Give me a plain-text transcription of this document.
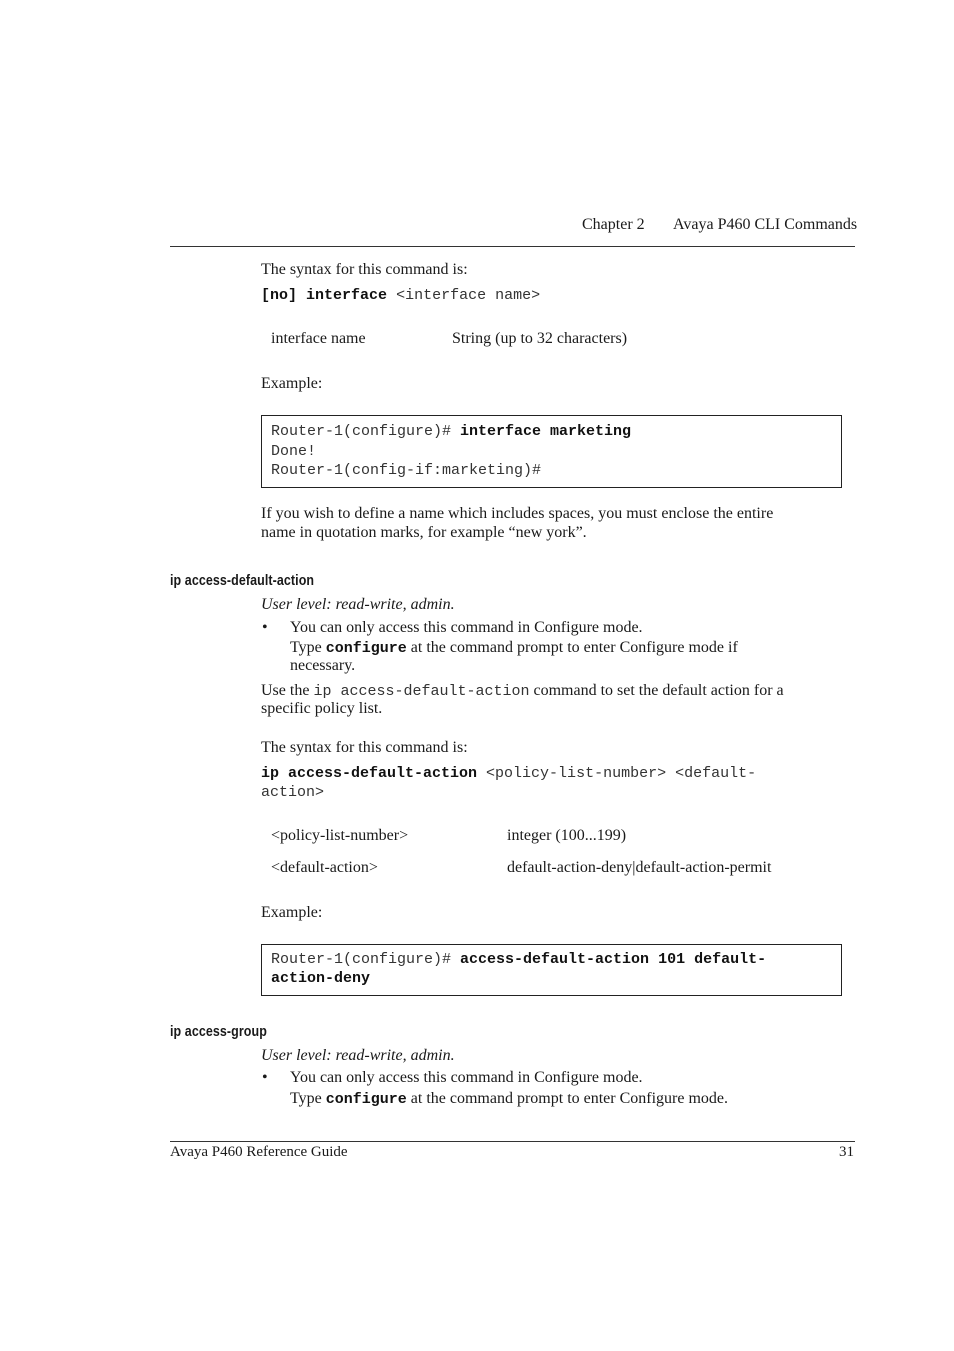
Chapter 2 Avaya P460 CLI Commands
The syntax for this command is:
[no] interface <interface name>
interface name	String (up to 32 characters)
Example:
Router-1(configure)# interface marketing
Done!
Router-1(config-if:marketing)#
If you wish to define a name which includes spaces, you must enclose the entire
name in quotation marks, for example “new york”.
ip access-default-action
User level: read-write, admin.
• You can only access this command in Configure mode.
Type configure at the command prompt to enter Configure mode if
necessary.
Use the ip access-default-action command to set the default action for a
specific policy list.
The syntax for this command is:
ip access-default-action <policy-list-number> <default-
action>
<policy-list-number>	integer (100...199)
<default-action>	default-action-deny|default-action-permit
Example:
Router-1(configure)# access-default-action 101 default-
action-deny
ip access-group
User level: read-write, admin.
• You can only access this command in Configure mode.
Type configure at the command prompt to enter Configure mode.
Avaya P460 Reference Guide	31
